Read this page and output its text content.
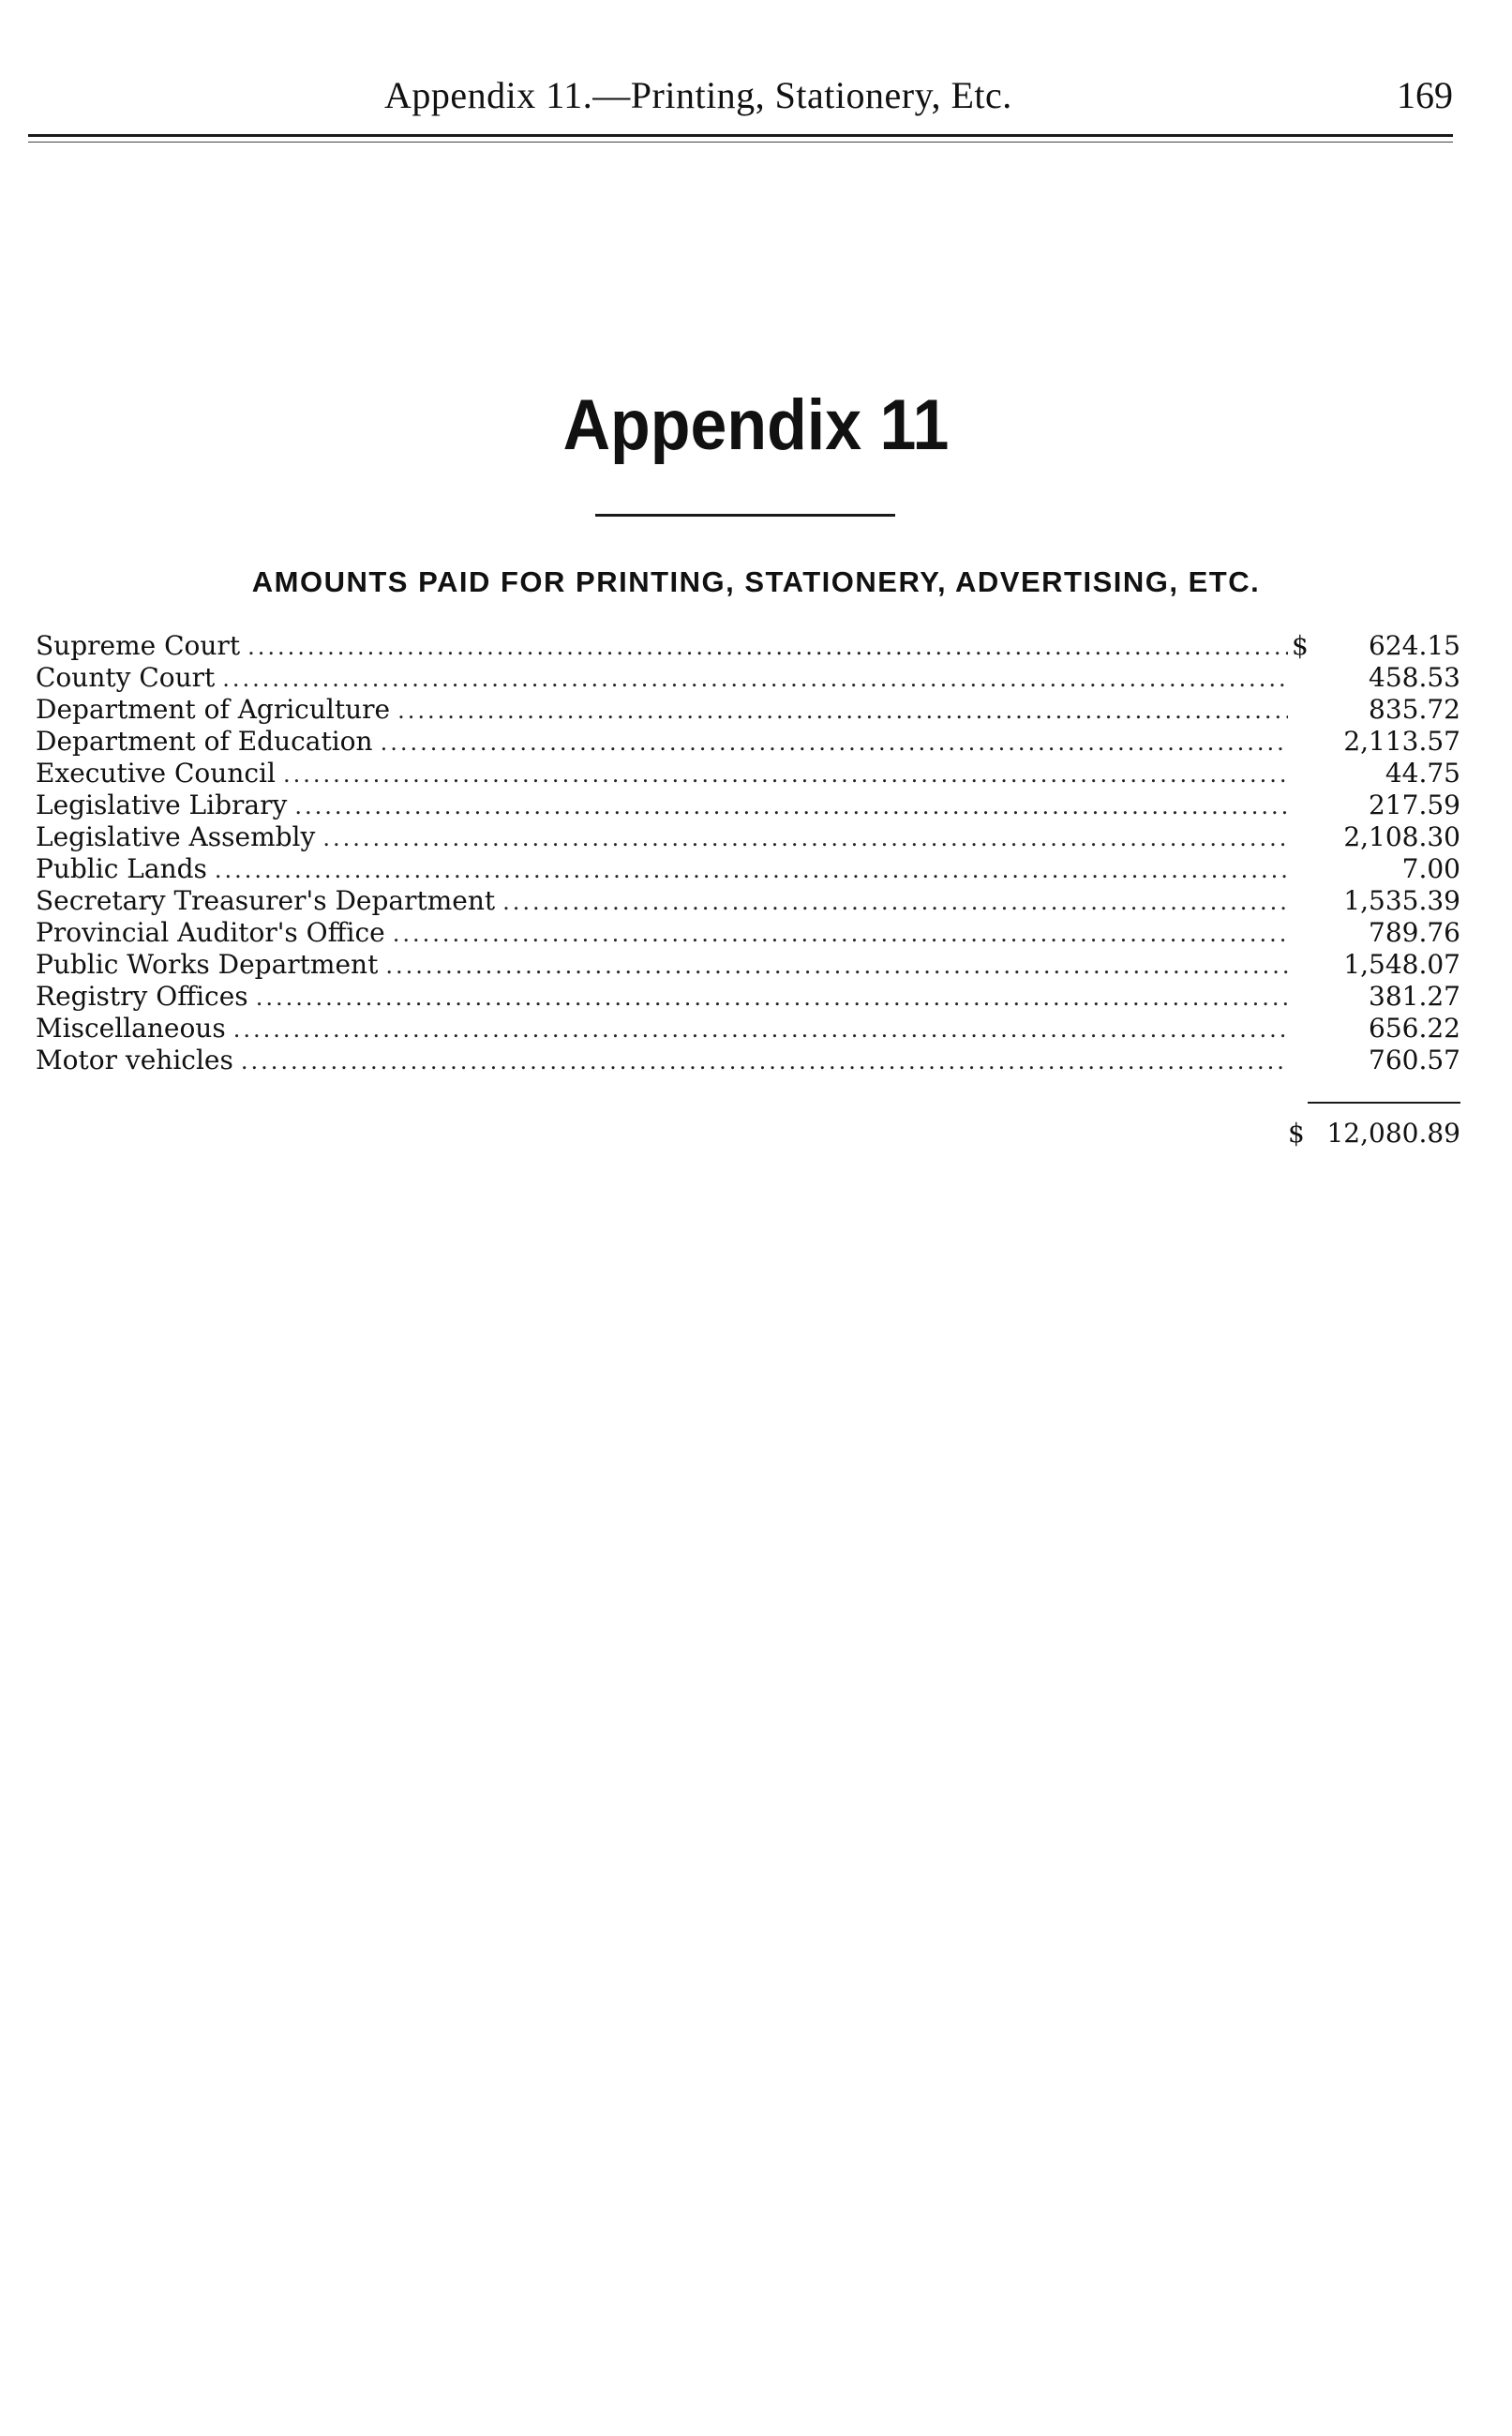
Appendix 11.—Printing, Stationery, Etc.	169
Appendix 11
AMOUNTS PAID FOR PRINTING, STATIONERY, ADVERTISING, ETC.
Supreme Court .....	$	624.15
County Court .....	458.53
Department of Agriculture .....	835.72
Department of Education .....	2,113.57
Executive Council .....	44.75
Legislative Library .....	217.59
Legislative Assembly .....	2,108.30
Public Lands .....	7.00
Secretary Treasurer's Department .....	1,535.39
Provincial Auditor's Office .....	789.76
Public Works Department .....	1,548.07
Registry Offices .....	381.27
Miscellaneous .....	656.22
Motor vehicles .....	760.57
$ 12,080.89
